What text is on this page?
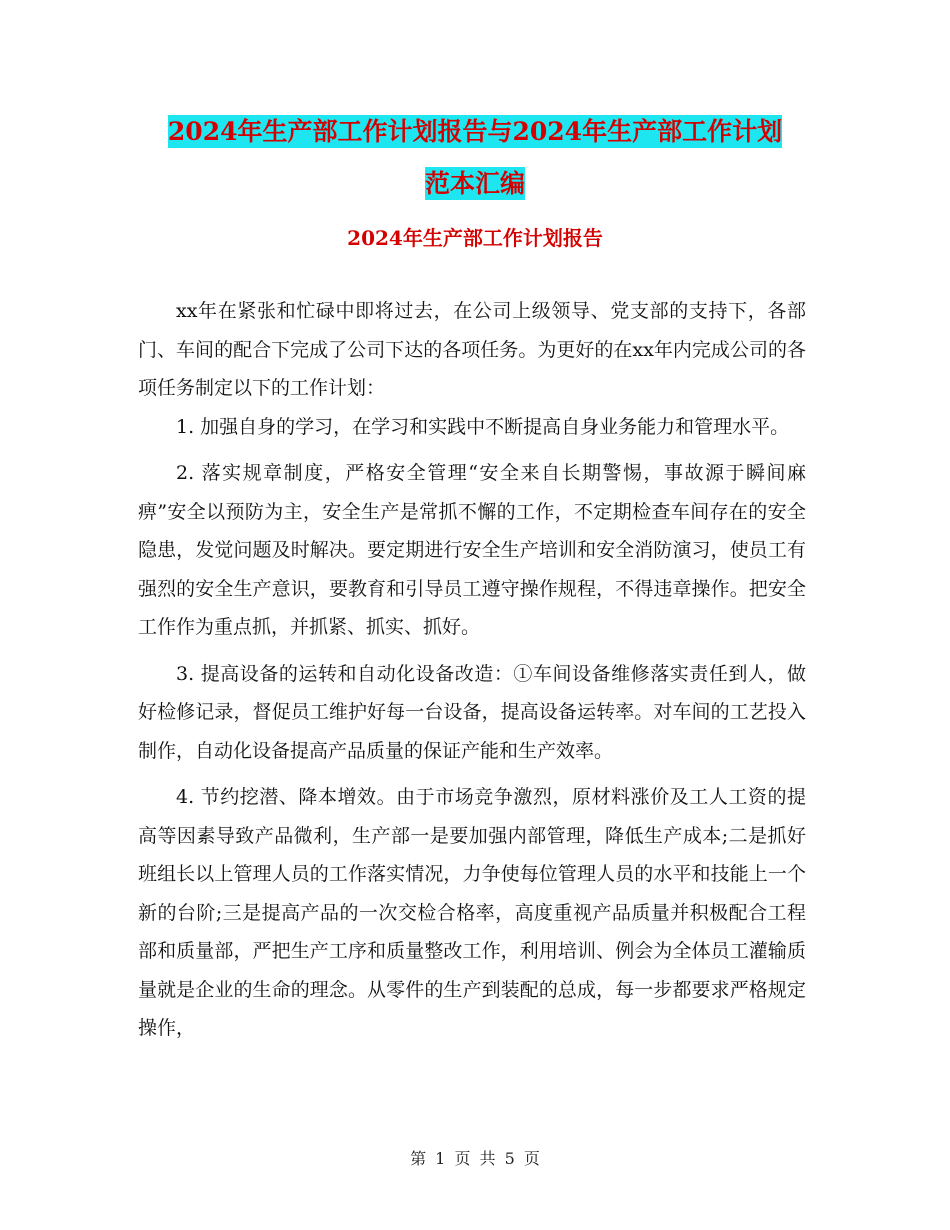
2024年生产部工作计划报告与2024年生产部工作计划
范本汇编
2024年生产部工作计划报告

xx年在紧张和忙碌中即将过去，在公司上级领导、党支部的支持下，各部门、车间的配合下完成了公司下达的各项任务。为更好的在xx年内完成公司的各项任务制定以下的工作计划：

1. 加强自身的学习，在学习和实践中不断提高自身业务能力和管理水平。

2. 落实规章制度，严格安全管理“安全来自长期警惕，事故源于瞬间麻痹”安全以预防为主，安全生产是常抓不懈的工作，不定期检查车间存在的安全隐患，发觉问题及时解决。要定期进行安全生产培训和安全消防演习，使员工有强烈的安全生产意识，要教育和引导员工遵守操作规程，不得违章操作。把安全工作作为重点抓，并抓紧、抓实、抓好。

3. 提高设备的运转和自动化设备改造：①车间设备维修落实责任到人，做好检修记录，督促员工维护好每一台设备，提高设备运转率。对车间的工艺投入制作，自动化设备提高产品质量的保证产能和生产效率。

4. 节约挖潜、降本增效。由于市场竞争激烈，原材料涨价及工人工资的提高等因素导致产品微利，生产部一是要加强内部管理，降低生产成本;二是抓好班组长以上管理人员的工作落实情况，力争使每位管理人员的水平和技能上一个新的台阶;三是提高产品的一次交检合格率，高度重视产品质量并积极配合工程部和质量部，严把生产工序和质量整改工作，利用培训、例会为全体员工灌输质量就是企业的生命的理念。从零件的生产到装配的总成，每一步都要求严格规定操作，

第 1 页 共 5 页
